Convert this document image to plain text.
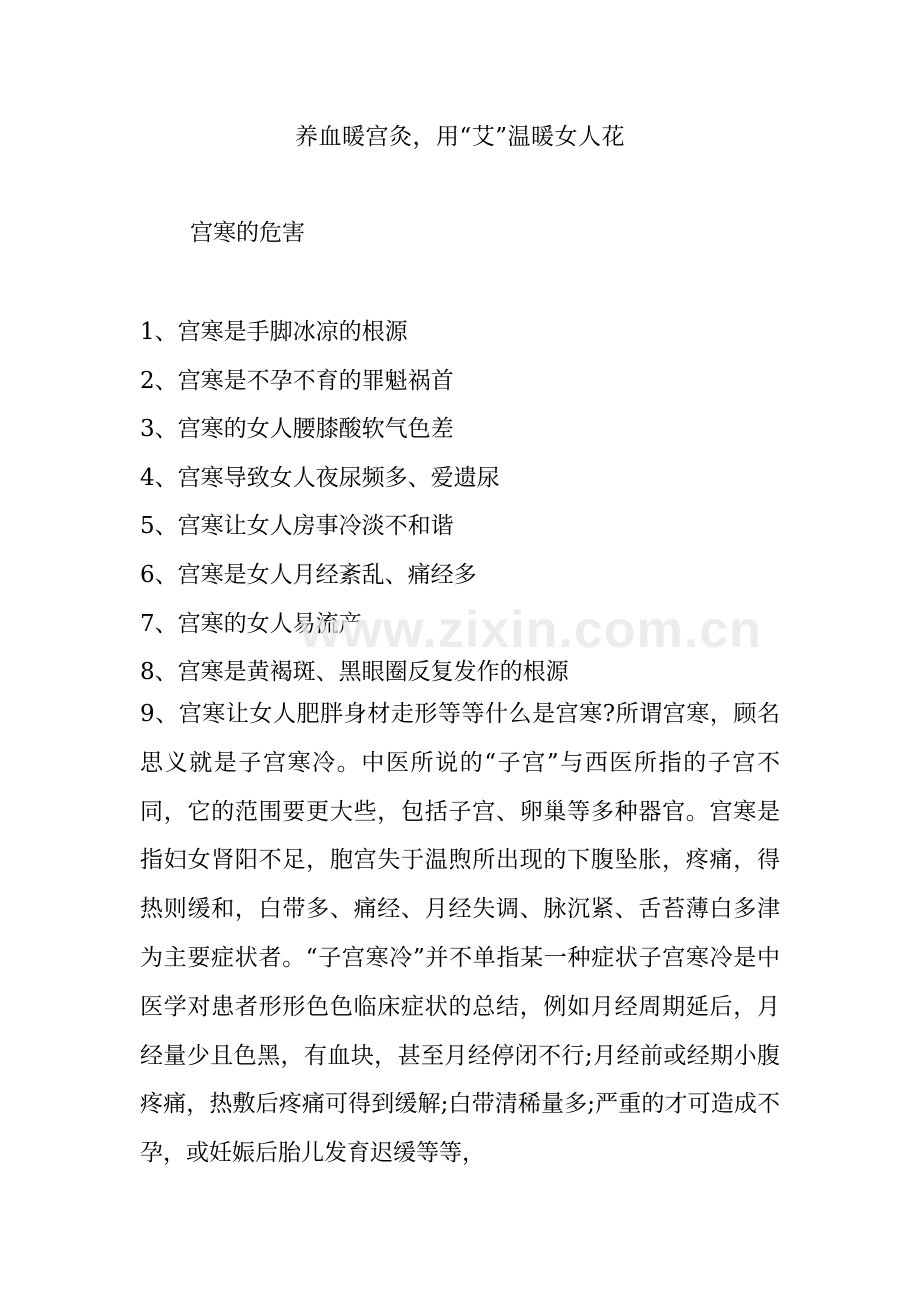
养血暖宫灸，用“艾”温暖女人花
宫寒的危害
1、宫寒是手脚冰凉的根源
2、宫寒是不孕不育的罪魁祸首
3、宫寒的女人腰膝酸软气色差
4、宫寒导致女人夜尿频多、爱遗尿
5、宫寒让女人房事冷淡不和谐
6、宫寒是女人月经紊乱、痛经多
7、宫寒的女人易流产
8、宫寒是黄褐斑、黑眼圈反复发作的根源

9、宫寒让女人肥胖身材走形等等什么是宫寒?所谓宫寒，顾名思义就是子宫寒冷。中医所说的“子宫”与西医所指的子宫不同，它的范围要更大些，包括子宫、卵巢等多种器官。宫寒是指妇女肾阳不足，胞宫失于温煦所出现的下腹坠胀，疼痛，得热则缓和，白带多、痛经、月经失调、脉沉紧、舌苔薄白多津为主要症状者。“子宫寒冷”并不单指某一种症状子宫寒冷是中医学对患者形形色色临床症状的总结，例如月经周期延后，月经量少且色黑，有血块，甚至月经停闭不行;月经前或经期小腹疼痛，热敷后疼痛可得到缓解;白带清稀量多;严重的才可造成不孕，或妊娠后胎儿发育迟缓等等，

www.zixin.com.cn
